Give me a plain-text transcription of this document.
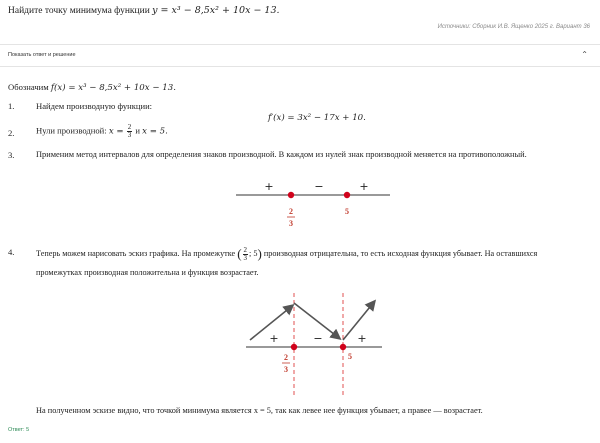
Найдите точку минимума функции y = x³ − 8,5x² + 10x − 13.
Источники: Сборник И.В. Ященко 2025 г. Вариант 36
Показать ответ и решение	⌃
Обозначим f(x) = x³ − 8,5x² + 10x − 13.
1.	Найдем производную функции:
f′(x) = 3x² − 17x + 10.
2.	Нули производной: $x = \frac{2}{3}$ и x = 5.
3.	Применим метод интервалов для определения знаков производной. В каждом из нулей знак производной меняется на противоположный.
+	−	+
2
3
5
4.	Теперь можем нарисовать эскиз графика. На промежутке ( $\frac{2}{3}$ ; 5) производная отрицательна, то есть исходная функция убывает. На оставшихся
промежутках производная положительна и функция возрастает.
+	−	+
2
3
5
На полученном эскизе видно, что точкой минимума является x = 5, так как левее нее функция убывает, а правее — возрастает.
Ответ: 5
